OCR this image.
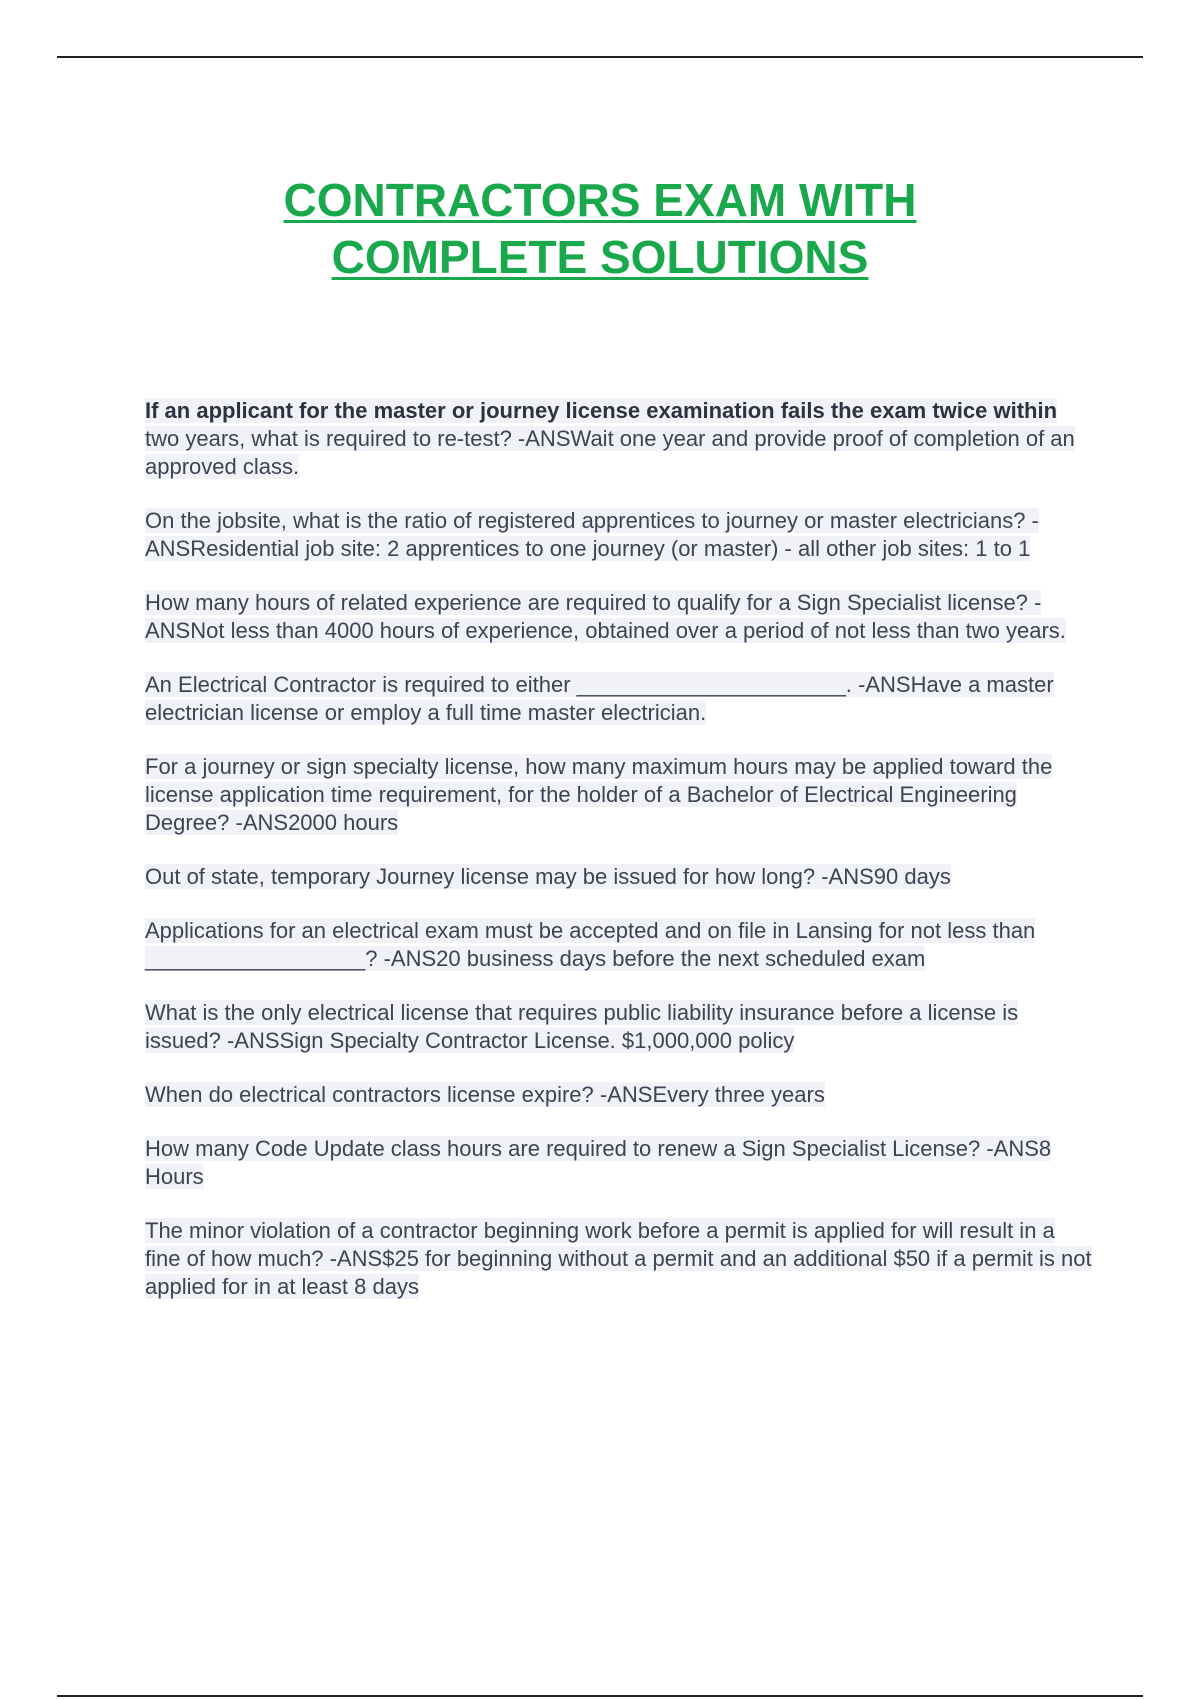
CONTRACTORS EXAM WITH
COMPLETE SOLUTIONS
If an applicant for the master or journey license examination fails the exam twice within two years, what is required to re-test? -ANSWait one year and provide proof of completion of an approved class.
On the jobsite, what is the ratio of registered apprentices to journey or master electricians? -ANSResidential job site: 2 apprentices to one journey (or master) - all other job sites: 1 to 1
How many hours of related experience are required to qualify for a Sign Specialist license? -ANSNot less than 4000 hours of experience, obtained over a period of not less than two years.
An Electrical Contractor is required to either ______________________. -ANSHave a master electrician license or employ a full time master electrician.
For a journey or sign specialty license, how many maximum hours may be applied toward the license application time requirement, for the holder of a Bachelor of Electrical Engineering Degree? -ANS2000 hours
Out of state, temporary Journey license may be issued for how long? -ANS90 days
Applications for an electrical exam must be accepted and on file in Lansing for not less than __________________? -ANS20 business days before the next scheduled exam
What is the only electrical license that requires public liability insurance before a license is issued? -ANSSign Specialty Contractor License. $1,000,000 policy
When do electrical contractors license expire? -ANSEvery three years
How many Code Update class hours are required to renew a Sign Specialist License? -ANS8 Hours
The minor violation of a contractor beginning work before a permit is applied for will result in a fine of how much? -ANS$25 for beginning without a permit and an additional $50 if a permit is not applied for in at least 8 days
